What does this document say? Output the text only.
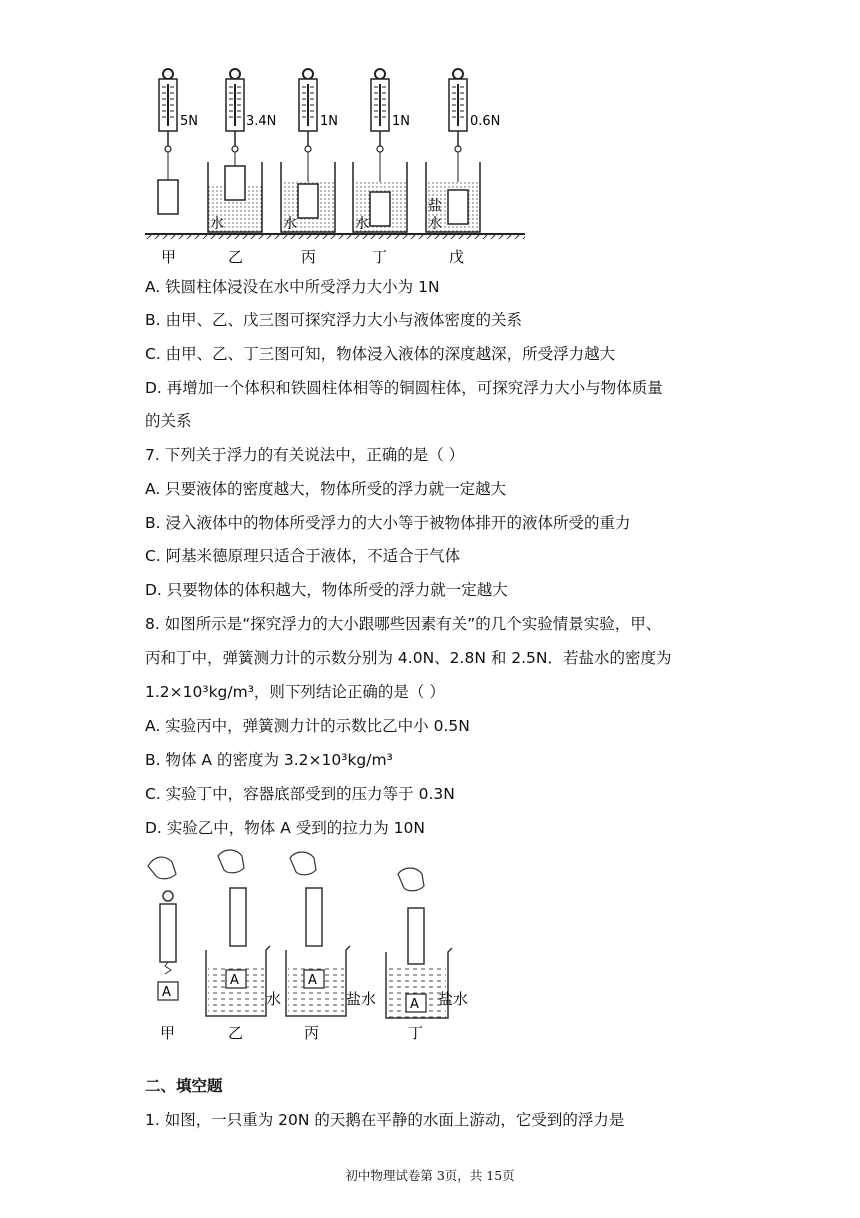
5N	3.4N	1N	1N	0.6N
水	水	水
盐
水
甲	乙	丙	丁	戊
A. 铁圆柱体浸没在水中所受浮力大小为 1N
B. 由甲、乙、戊三图可探究浮力大小与液体密度的关系
C. 由甲、乙、丁三图可知，物体浸入液体的深度越深，所受浮力越大
D. 再增加一个体积和铁圆柱体相等的铜圆柱体，可探究浮力大小与物体质量
的关系
7. 下列关于浮力的有关说法中，正确的是（ ）
A. 只要液体的密度越大，物体所受的浮力就一定越大
B. 浸入液体中的物体所受浮力的大小等于被物体排开的液体所受的重力
C. 阿基米德原理只适合于液体，不适合于气体
D. 只要物体的体积越大，物体所受的浮力就一定越大
8. 如图所示是“探究浮力的大小跟哪些因素有关”的几个实验情景实验，甲、
丙和丁中，弹簧测力计的示数分别为 4.0N、2.8N 和 2.5N．若盐水的密度为
1.2×10³kg/m³，则下列结论正确的是（ ）
A. 实验丙中，弹簧测力计的示数比乙中小 0.5N
B. 物体 A 的密度为 3.2×10³kg/m³
C. 实验丁中，容器底部受到的压力等于 0.3N
D. 实验乙中，物体 A 受到的拉力为 10N
A
甲
A
水
乙
A
盐水
丙
A 盐水
丁
二、填空题
1. 如图，一只重为 20N 的天鹅在平静的水面上游动，它受到的浮力是
初中物理试卷第 3页，共 15页
